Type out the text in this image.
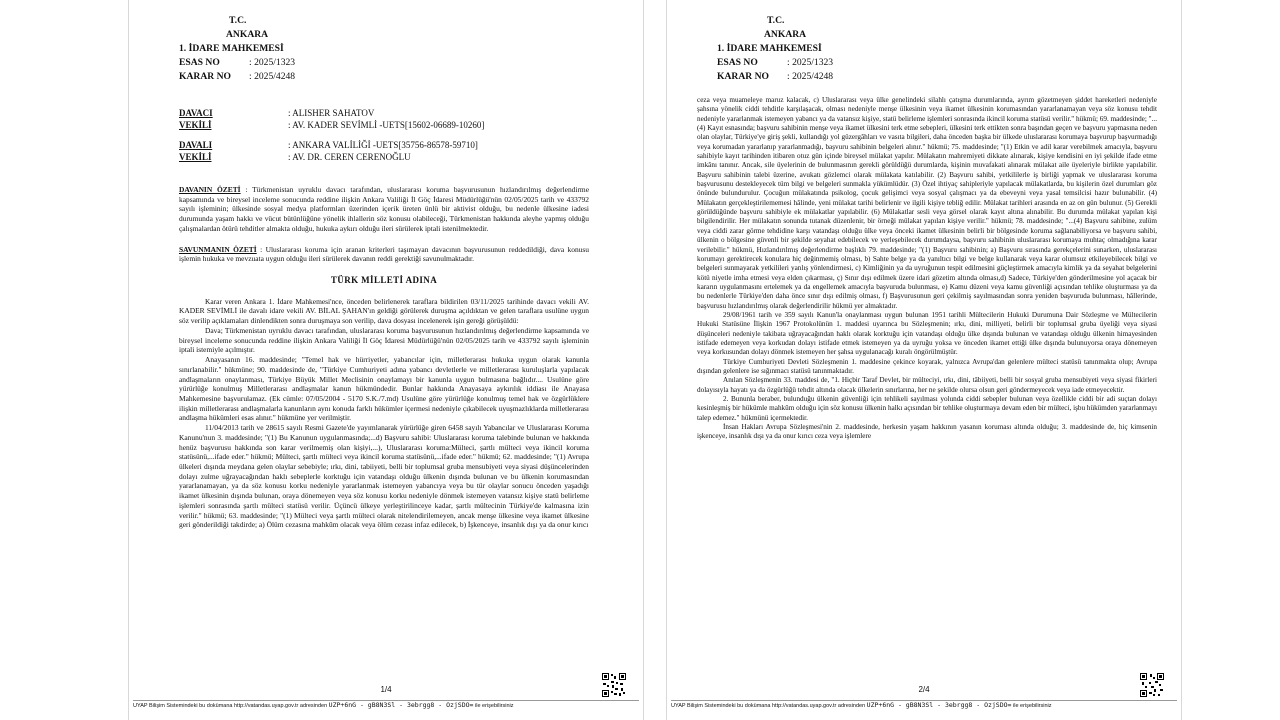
T.C.
ANKARA
1. İDARE MAHKEMESİ
ESAS NO	: 2025/1323
KARAR NO : 2025/4248
DAVACI	: ALISHER SAHATOV
VEKİLİ	: AV. KADER SEVİMLİ -UETS[15602-06689-10260]
DAVALI	: ANKARA VALİLİĞİ -UETS[35756-86578-59710]
VEKİLİ	: AV. DR. CEREN CERENOĞLU

DAVANIN ÖZETİ : Türkmenistan uyruklu davacı tarafından, uluslararası koruma başvurusunun hızlandırılmış değerlendirme kapsamında ve bireysel inceleme sonucunda reddine ilişkin Ankara Valiliği İl Göç İdaresi Müdürlüğü'nün 02/05/2025 tarih ve 433792 sayılı işleminin; ülkesinde sosyal medya platformları üzerinden içerik üreten ünlü bir aktivist olduğu, bu nedenle ülkesine iadesi durumunda yaşam hakkı ve vücut bütünlüğüne yönelik ihlallerin söz konusu olabileceği, Türkmenistan hakkında aleyhe yapmış olduğu çalışmalardan ötürü tehditler almakta olduğu, hukuka aykırı olduğu ileri sürülerek iptali istenilmektedir.

SAVUNMANIN ÖZETİ : Uluslararası koruma için aranan kriterleri taşımayan davacının başvurusunun reddedildiği, dava konusu işlemin hukuka ve mevzuata uygun olduğu ileri sürülerek davanın reddi gerektiği savunulmaktadır.

TÜRK MİLLETİ ADINA

Karar veren Ankara 1. İdare Mahkemesi'nce, önceden belirlenerek taraflara bildirilen 03/11/2025 tarihinde davacı vekili AV. KADER SEVİMLİ ile davalı idare vekili AV. BİLAL ŞAHAN'ın geldiği görülerek duruşma açıldıktan ve gelen taraflara usulüne uygun söz verilip açıklamaları dinlendikten sonra duruşmaya son verilip, dava dosyası incelenerek işin gereği görüşüldü:

Dava; Türkmenistan uyruklu davacı tarafından, uluslararası koruma başvurusunun hızlandırılmış değerlendirme kapsamında ve bireysel inceleme sonucunda reddine ilişkin Ankara Valiliği İl Göç İdaresi Müdürlüğü'nün 02/05/2025 tarih ve 433792 sayılı işleminin iptali istemiyle açılmıştır.

Anayasanın 16. maddesinde; "Temel hak ve hürriyetler, yabancılar için, milletlerarası hukuka uygun olarak kanunla sınırlanabilir." hükmüne; 90. maddesinde de, "Türkiye Cumhuriyeti adına yabancı devletlerle ve milletlerarası kuruluşlarla yapılacak andlaşmaların onaylanması, Türkiye Büyük Millet Meclisinin onaylamayı bir kanunla uygun bulmasına bağlıdır.... Usulüne göre yürürlüğe konulmuş Milletlerarası andlaşmalar kanun hükmündedir. Bunlar hakkında Anayasaya aykırılık iddiası ile Anayasa Mahkemesine başvurulamaz. (Ek cümle: 07/05/2004 - 5170 S.K./7.md) Usulüne göre yürürlüğe konulmuş temel hak ve özgürlüklere ilişkin milletlerarası andlaşmalarla kanunların aynı konuda farklı hükümler içermesi nedeniyle çıkabilecek uyuşmazlıklarda milletlerarası andlaşma hükümleri esas alınır." hükmüne yer verilmiştir.

11/04/2013 tarih ve 28615 sayılı Resmi Gazete'de yayımlanarak yürürlüğe giren 6458 sayılı Yabancılar ve Uluslararası Koruma Kanunu'nun 3. maddesinde; "(1) Bu Kanunun uygulanmasında;...d) Başvuru sahibi: Uluslararası koruma talebinde bulunan ve hakkında henüz başvurusu hakkında son karar verilmemiş olan kişiyi,...), Uluslararası koruma:Mülteci, şartlı mülteci veya ikincil koruma statüsünü,...ifade eder." hükmü; Mülteci, şartlı mülteci veya ikincil koruma statüsünü,...ifade eder." hükmü; 62. maddesinde; "(1) Avrupa ülkeleri dışında meydana gelen olaylar sebebiyle; ırkı, dini, tabiiyeti, belli bir toplumsal gruba mensubiyeti veya siyasi düşüncelerinden dolayı zulme uğrayacağından haklı sebeplerle korktuğu için vatandaşı olduğu ülkenin dışında bulunan ve bu ülkenin korumasından yararlanamayan, ya da söz konusu korku nedeniyle yararlanmak istemeyen yabancıya veya bu tür olaylar sonucu önceden yaşadığı ikamet ülkesinin dışında bulunan, oraya dönemeyen veya söz konusu korku nedeniyle dönmek istemeyen vatansız kişiye statü belirleme işlemleri sonrasında şartlı mülteci statüsü verilir. Üçüncü ülkeye yerleştirilinceye kadar, şartlı mültecinin Türkiye'de kalmasına izin verilir." hükmü; 63. maddesinde; "(1) Mülteci veya şartlı mülteci olarak nitelendirilemeyen, ancak menşe ülkesine veya ikamet ülkesine geri gönderildiği takdirde; a) Ölüm cezasına mahkûm olacak veya ölüm cezası infaz edilecek, b) İşkenceye, insanlık dışı ya da onur kırıcı

1/4
UYAP Bilişim Sistemindeki bu dokümana http://vatandas.uyap.gov.tr adresinden UZP+6nG - gB8N3Sl - 3ebrgg8 - OzjSDO= ile erişebilirsiniz
T.C.
ANKARA
1. İDARE MAHKEMESİ
ESAS NO	: 2025/1323
KARAR NO : 2025/4248

ceza veya muameleye maruz kalacak, c) Uluslararası veya ülke genelindeki silahlı çatışma durumlarında, ayrım gözetmeyen şiddet hareketleri nedeniyle şahsına yönelik ciddi tehditle karşılaşacak, olması nedeniyle menşe ülkesinin veya ikamet ülkesinin korumasından yararlanamayan veya söz konusu tehdit nedeniyle yararlanmak istemeyen yabancı ya da vatansız kişiye, statü belirleme işlemleri sonrasında ikincil koruma statüsü verilir." hükmü; 69. maddesinde; "... (4) Kayıt esnasında; başvuru sahibinin menşe veya ikamet ülkesini terk etme sebepleri, ülkesini terk ettikten sonra başından geçen ve başvuru yapmasına neden olan olaylar, Türkiye'ye giriş şekli, kullandığı yol güzergâhları ve vasıta bilgileri, daha önceden başka bir ülkede uluslararası korumaya başvurup başvurmadığı veya korumadan yararlanıp yararlanmadığı, başvuru sahibinin belgeleri alınır." hükmü; 75. maddesinde; "(1) Etkin ve adil karar verebilmek amacıyla, başvuru sahibiyle kayıt tarihinden itibaren otuz gün içinde bireysel mülakat yapılır. Mülakatın mahremiyeti dikkate alınarak, kişiye kendisini en iyi şekilde ifade etme imkânı tanınır. Ancak, sile üyelerinin de bulunmasının gerekli görüldüğü durumlarda, kişinin muvafakati alınarak mülakat aile üyeleriyle birlikte yapılabilir. Başvuru sahibinin talebi üzerine, avukatı gözlemci olarak mülakata katılabilir. (2) Başvuru sahibi, yetkililerle iş birliği yapmak ve uluslararası koruma başvurusunu destekleyecek tüm bilgi ve belgeleri sunmakla yükümlüdür. (3) Özel ihtiyaç sahipleriyle yapılacak mülakatlarda, bu kişilerin özel durumları göz önünde bulundurulur. Çocuğun mülakatında psikolog, çocuk gelişimci veya sosyal çalışmacı ya da ebeveyni veya yasal temsilcisi hazır bulunabilir. (4) Mülakatın gerçekleştirilememesi hâlinde, yeni mülakat tarihi belirlenir ve ilgili kişiye tebliğ edilir. Mülakat tarihleri arasında en az on gün bulunur. (5) Gerekli görüldüğünde başvuru sahibiyle ek mülakatlar yapılabilir. (6) Mülakatlar sesli veya görsel olarak kayıt altına alınabilir. Bu durumda mülakat yapılan kişi bilgilendirilir. Her mülakatın sonunda tutanak düzenlenir, bir örneği mülakat yapılan kişiye verilir." hükmü; 78. maddesinde; "...(4) Başvuru sahibine, zulüm veya ciddi zarar görme tehdidine karşı vatandaşı olduğu ülke veya önceki ikamet ülkesinin belirli bir bölgesinde koruma sağlanabiliyorsa ve başvuru sahibi, ülkenin o bölgesine güvenli bir şekilde seyahat edebilecek ve yerleşebilecek durumdaysa, başvuru sahibinin uluslararası korumaya muhtaç olmadığına karar verilebilir." hükmü, Hızlandırılmış değerlendirme başlıklı 79. maddesinde; "(1) Başvuru sahibinin; a) Başvuru sırasında gerekçelerini sunarken, uluslararası korumayı gerektirecek konulara hiç değinmemiş olması, b) Sahte belge ya da yanıltıcı bilgi ve belge kullanarak veya karar olumsuz etkileyebilecek bilgi ve belgeleri sunmayarak yetkilileri yanlış yönlendirmesi, c) Kimliğinin ya da uyruğunun tespit edilmesini güçleştirmek amacıyla kimlik ya da seyahat belgelerini kötü niyetle imha etmesi veya elden çıkarması, ç) Sınır dışı edilmek üzere idari gözetim altında olması,d) Sadece, Türkiye'den gönderilmesine yol açacak bir kararın uygulanmasını ertelemek ya da engellemek amacıyla başvuruda bulunması, e) Kamu düzeni veya kamu güvenliği açısından tehlike oluşturması ya da bu nedenlerle Türkiye'den daha önce sınır dışı edilmiş olması, f) Başvurusunun geri çekilmiş sayılmasından sonra yeniden başvuruda bulunması, hâllerinde, başvurusu hızlandırılmış olarak değerlendirilir hükmü yer almaktadır.

29/08/1961 tarih ve 359 sayılı Kanun'la onaylanması uygun bulunan 1951 tarihli Mültecilerin Hukuki Durumuna Dair Sözleşme ve Mültecilerin Hukuki Statüsüne İlişkin 1967 Protokolünün 1. maddesi uyarınca bu Sözleşmenin; ırkı, dini, milliyeti, belirli bir toplumsal gruba üyeliği veya siyasi düşünceleri nedeniyle takibata uğrayacağından haklı olarak korktuğu için vatandaşı olduğu ülke dışında bulunan ve vatandaşı olduğu ülkenin himayesinden istifade edemeyen veya korkudan dolayı istifade etmek istemeyen ya da uyruğu yoksa ve önceden ikamet ettiği ülke dışında bulunuyorsa oraya dönemeyen veya korkusundan dolayı dönmek istemeyen her şahsa uygulanacağı kuralı öngörülmüştür.

Türkiye Cumhuriyeti Devleti Sözleşmenin 1. maddesine çekince koyarak, yalnızca Avrupa'dan gelenlere mülteci statüsü tanınmakta olup; Avrupa dışından gelenlere ise sığınmacı statüsü tanınmaktadır.

Anılan Sözleşmenin 33. maddesi de, "1. Hiçbir Taraf Devlet, bir mülteciyi, ırkı, dini, tâbiiyeti, belli bir sosyal gruba mensubiyeti veya siyasi fikirleri dolayısıyla hayatı ya da özgürlüğü tehdit altında olacak ülkelerin sınırlarına, her ne şekilde olursa olsun geri göndermeyecek veya iade etmeyecektir.

2. Bununla beraber, bulunduğu ülkenin güvenliği için tehlikeli sayılması yolunda ciddi sebepler bulunan veya özellikle ciddi bir adi suçtan dolayı kesinleşmiş bir hükümle mahkûm olduğu için söz konusu ülkenin halkı açısından bir tehlike oluşturmaya devam eden bir mülteci, işbu hükümden yararlanmayı talep edemez." hükmünü içermektedir.

İnsan Hakları Avrupa Sözleşmesi'nin 2. maddesinde, herkesin yaşam hakkının yasanın koruması altında olduğu; 3. maddesinde de, hiç kimsenin işkenceye, insanlık dışı ya da onur kırıcı ceza veya işlemlere

2/4
UYAP Bilişim Sistemindeki bu dokümana http://vatandas.uyap.gov.tr adresinden UZP+6nG - gB8N3Sl - 3ebrgg8 - OzjSDO= ile erişebilirsiniz
